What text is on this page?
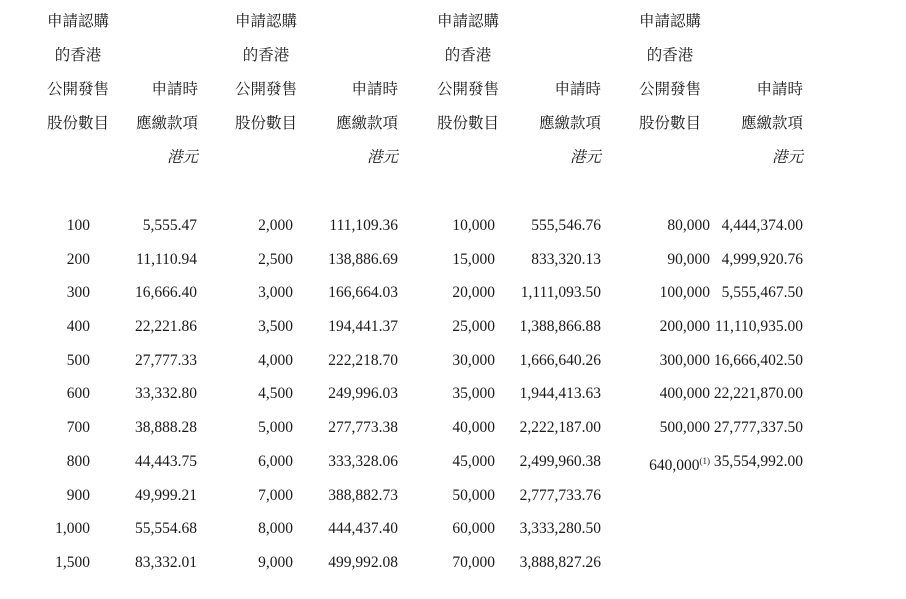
申請認購
的香港
公開發售
股份數目
申請時
應繳款項
港元
申請認購
的香港
公開發售
股份數目
申請時
應繳款項
港元
申請認購
的香港
公開發售
股份數目
申請時
應繳款項
港元
申請認購
的香港
公開發售
股份數目
申請時
應繳款項
港元
100
200
300
400
500
600
700
800
900
1,000
1,500
5,555.47
11,110.94
16,666.40
22,221.86
27,777.33
33,332.80
38,888.28
44,443.75
49,999.21
55,554.68
83,332.01
2,000
2,500
3,000
3,500
4,000
4,500
5,000
6,000
7,000
8,000
9,000
111,109.36
138,886.69
166,664.03
194,441.37
222,218.70
249,996.03
277,773.38
333,328.06
388,882.73
444,437.40
499,992.08
10,000
15,000
20,000
25,000
30,000
35,000
40,000
45,000
50,000
60,000
70,000
555,546.76
833,320.13
1,111,093.50
1,388,866.88
1,666,640.26
1,944,413.63
2,222,187.00
2,499,960.38
2,777,733.76
3,333,280.50
3,888,827.26
80,000
90,000
100,000
200,000
300,000
400,000
500,000
640,000$^{(1)}$
4,444,374.00
4,999,920.76
5,555,467.50
11,110,935.00
16,666,402.50
22,221,870.00
27,777,337.50
35,554,992.00
